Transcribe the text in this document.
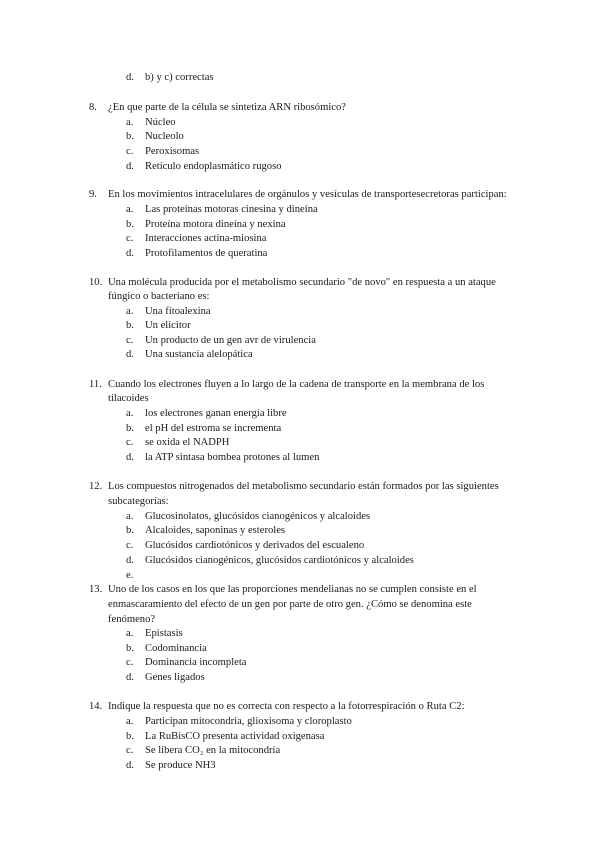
d. b) y c) correctas
8. ¿En que parte de la célula se sintetiza ARN ribosómico?
a. Núcleo
b. Nucleolo
c. Peroxisomas
d. Retículo endoplasmático rugoso
9. En los movimientos intracelulares de orgánulos y vesículas de transportesecretoras participan:
a. Las proteínas motoras cinesina y dineína
b. Proteína motora dineína y nexina
c. Interacciones actina-miosina
d. Protofilamentos de queratina
10. Una molécula producida por el metabolismo secundario "de novo" en respuesta a un ataque
fúngico o bacteriano es:
a. Una fitoalexina
b. Un elicitor
c. Un producto de un gen avr de virulencia
d. Una sustancia alelopática
11. Cuando los electrones fluyen a lo largo de la cadena de transporte en la membrana de los
tilacoides
a. los electrones ganan energía libre
b. el pH del estroma se incrementa
c. se oxida el NADPH
d. la ATP sintasa bombea protones al lumen
12. Los compuestos nitrogenados del metabolismo secundario están formados por las siguientes
subcategorías:
a. Glucosinolatos, glucósidos cianogénicos y alcaloides
b. Alcaloides, saponinas y esteroles
c. Glucósidos cardiotónicos y derivados del escualeno
d. Glucósidos cianogénicos, glucósidos cardiotónicos y alcaloides
e.
13. Uno de los casos en los que las proporciones mendelianas no se cumplen consiste en el
enmascaramiento del efecto de un gen por parte de otro gen. ¿Cómo se denomina este
fenómeno?
a. Epistasis
b. Codominancia
c. Dominancia incompleta
d. Genes ligados
14. Indique la respuesta que no es correcta con respecto a la fotorrespiración o Ruta C2:
a. Participan mitocondria, glioxisoma y cloroplasto
b. La RuBisCO presenta actividad oxigenasa
c. Se libera CO₂ en la mitocondria
d. Se produce NH3
